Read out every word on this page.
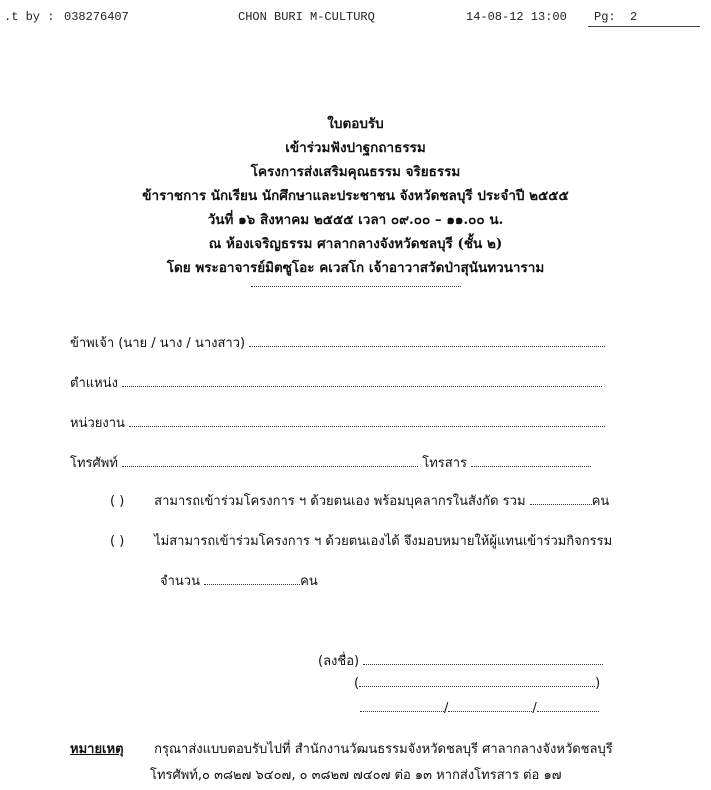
.t by : 038276407	CHON BURI M-CULTURQ	14-08-12 13:00 Pg: 2
ใบตอบรับ
เข้าร่วมฟังปาฐกถาธรรม
โครงการส่งเสริมคุณธรรม จริยธรรม
ข้าราชการ นักเรียน นักศึกษาและประชาชน จังหวัดชลบุรี ประจำปี ๒๕๕๕
วันที่ ๑๖ สิงหาคม ๒๕๕๕ เวลา ๐๙.๐๐ – ๑๑.๐๐ น.
ณ ห้องเจริญธรรม ศาลากลางจังหวัดชลบุรี (ชั้น ๒)
โดย พระอาจารย์มิตซูโอะ คเวสโก เจ้าอาวาสวัดป่าสุนันทวนาราม
ข้าพเจ้า (นาย / นาง / นางสาว)
ตำแหน่ง
หน่วยงาน
โทรศัพท์	โทรสาร
( ) สามารถเข้าร่วมโครงการ ฯ ด้วยตนเอง พร้อมบุคลากรในสังกัด รวม	คน
( ) ไม่สามารถเข้าร่วมโครงการ ฯ ด้วยตนเองได้ จึงมอบหมายให้ผู้แทนเข้าร่วมกิจกรรม
จำนวน	คน
(ลงชื่อ)
(	)
/	/
หมายเหตุ กรุณาส่งแบบตอบรับไปที่ สำนักงานวัฒนธรรมจังหวัดชลบุรี ศาลากลางจังหวัดชลบุรี
โทรศัพท์,๐ ๓๘๒๗ ๖๔๐๗, ๐ ๓๘๒๗ ๗๔๐๗ ต่อ ๑๓ หากส่งโทรสาร ต่อ ๑๗
